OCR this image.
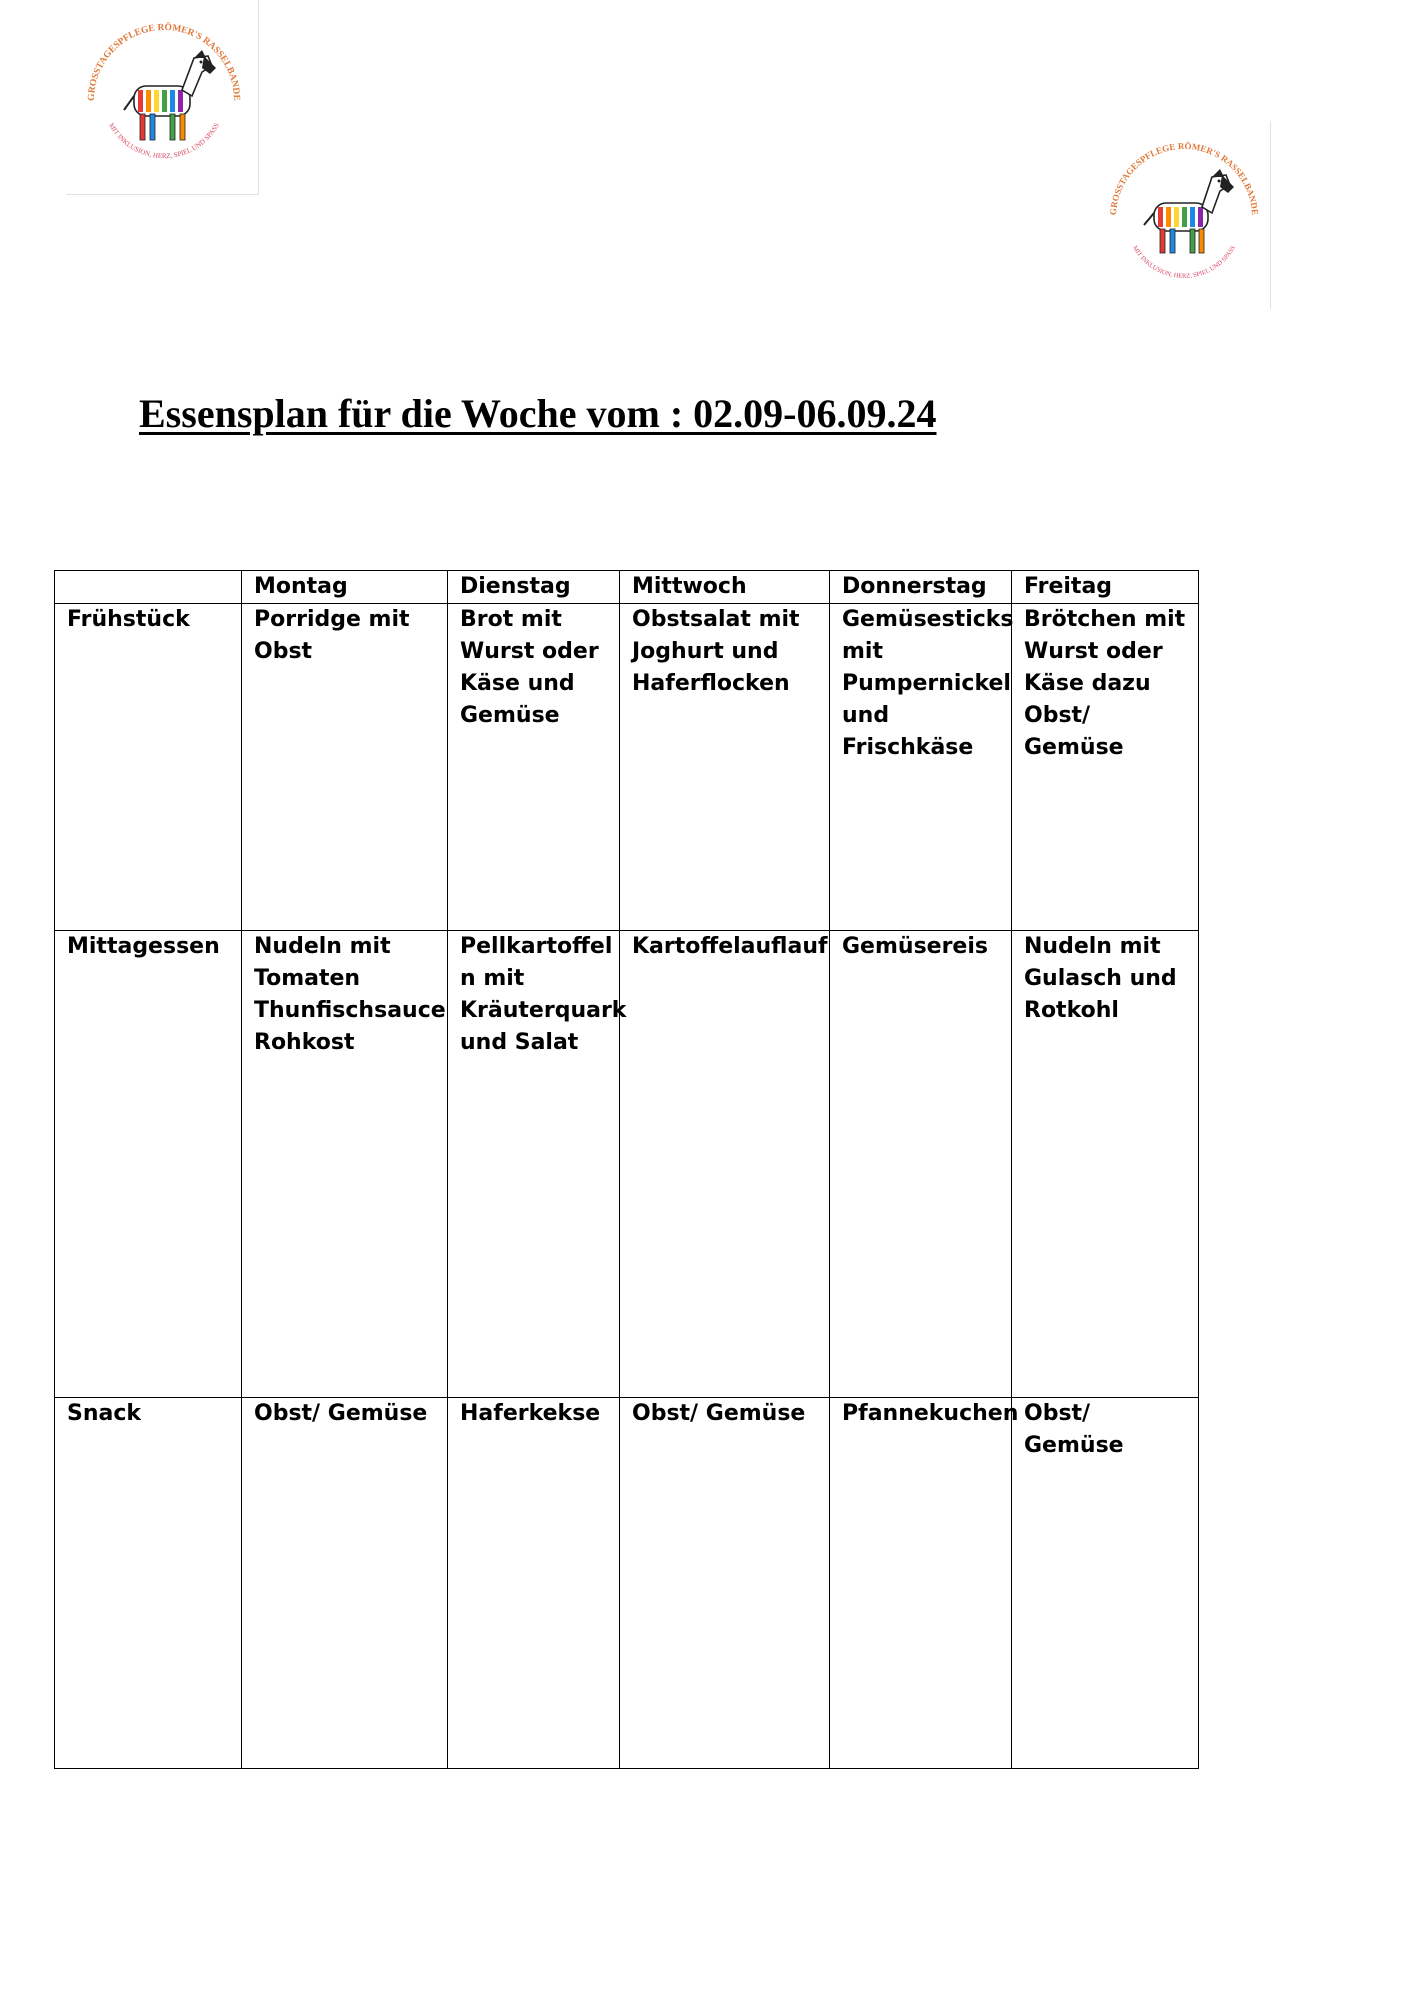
GROSSTAGESPFLEGE RÖMER'S RASSELBANDE
MIT INKLUSION, HERZ, SPIEL UND SPASS
GROSSTAGESPFLEGE RÖMER'S RASSELBANDE
MIT INKLUSION, HERZ, SPIEL UND SPASS
Essensplan für die Woche vom : 02.09-06.09.24
	Montag	Dienstag	Mittwoch	Donnerstag	Freitag
Frühstück	Porridge mit Obst	Brot mit Wurst oder Käse und Gemüse	Obstsalat mit Joghurt und Haferflocken	Gemüsesticks mit Pumpernickel und Frischkäse	Brötchen mit Wurst oder Käse dazu Obst/ Gemüse
Mittagessen	Nudeln mit Tomaten Thunfischsauce Rohkost	Pellkartoffel n mit Kräuterquark und Salat	Kartoffelauflauf	Gemüsereis	Nudeln mit Gulasch und Rotkohl
Snack	Obst/ Gemüse	Haferkekse	Obst/ Gemüse	Pfannekuchen	Obst/ Gemüse
